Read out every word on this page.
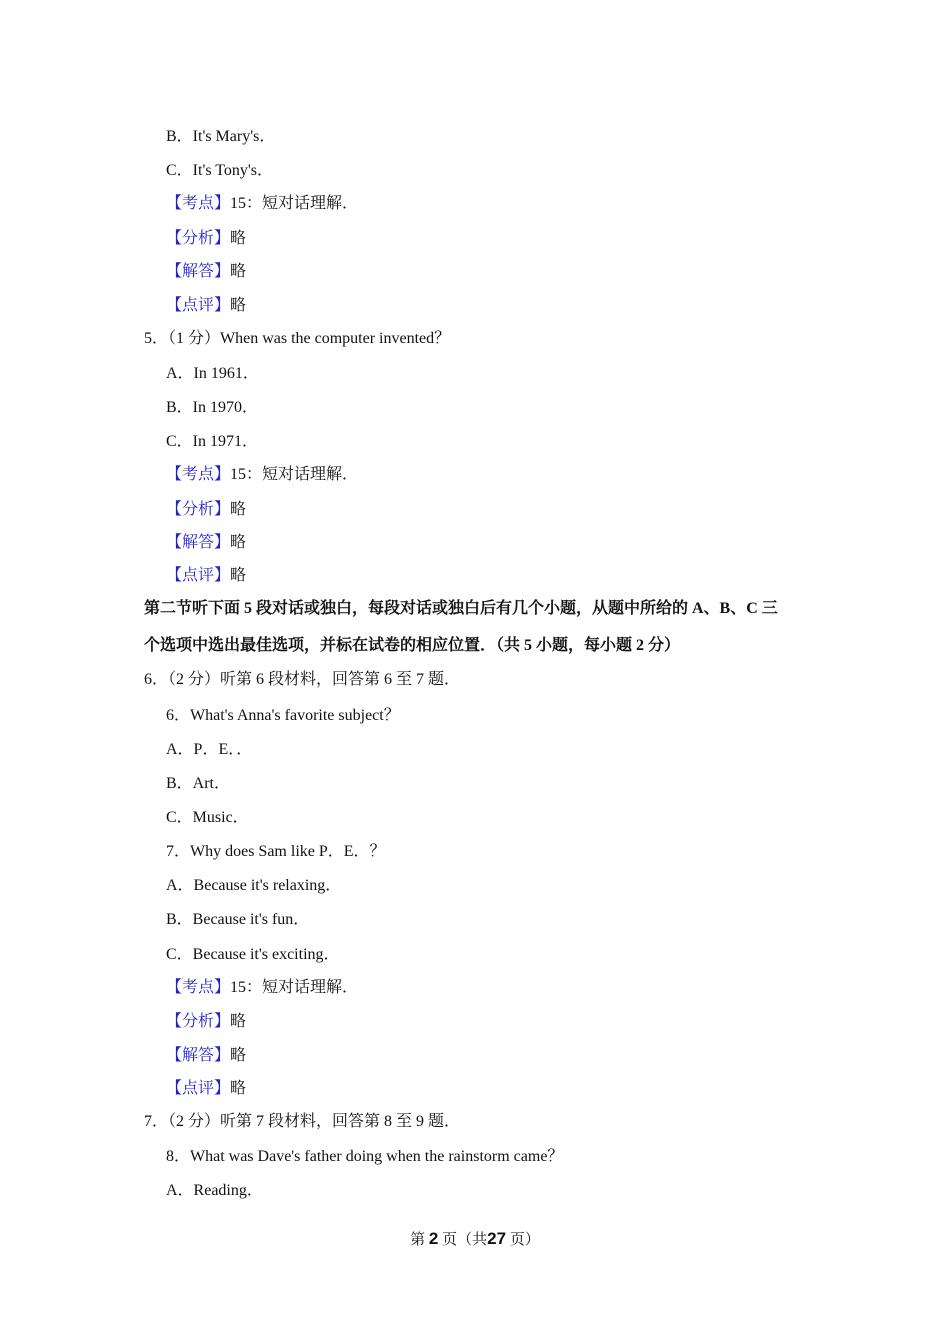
B．It's Mary's．
C．It's Tony's．
【考点】15：短对话理解．
【分析】略
【解答】略
【点评】略
5．（1 分）When was the computer invented？
A．In 1961．
B．In 1970．
C．In 1971．
【考点】15：短对话理解．
【分析】略
【解答】略
【点评】略
第二节听下面 5 段对话或独白，每段对话或独白后有几个小题，从题中所给的 A、B、C 三
个选项中选出最佳选项，并标在试卷的相应位置．（共 5 小题，每小题 2 分）
6．（2 分）听第 6 段材料，回答第 6 至 7 题．
6．What's Anna's favorite subject？
A．P．E．．
B．Art．
C．Music．
7．Why does Sam like P．E．？
A．Because it's relaxing．
B．Because it's fun．
C．Because it's exciting．
【考点】15：短对话理解．
【分析】略
【解答】略
【点评】略
7．（2 分）听第 7 段材料，回答第 8 至 9 题．
8．What was Dave's father doing when the rainstorm came？
A．Reading．
第 2 页（共27 页）
